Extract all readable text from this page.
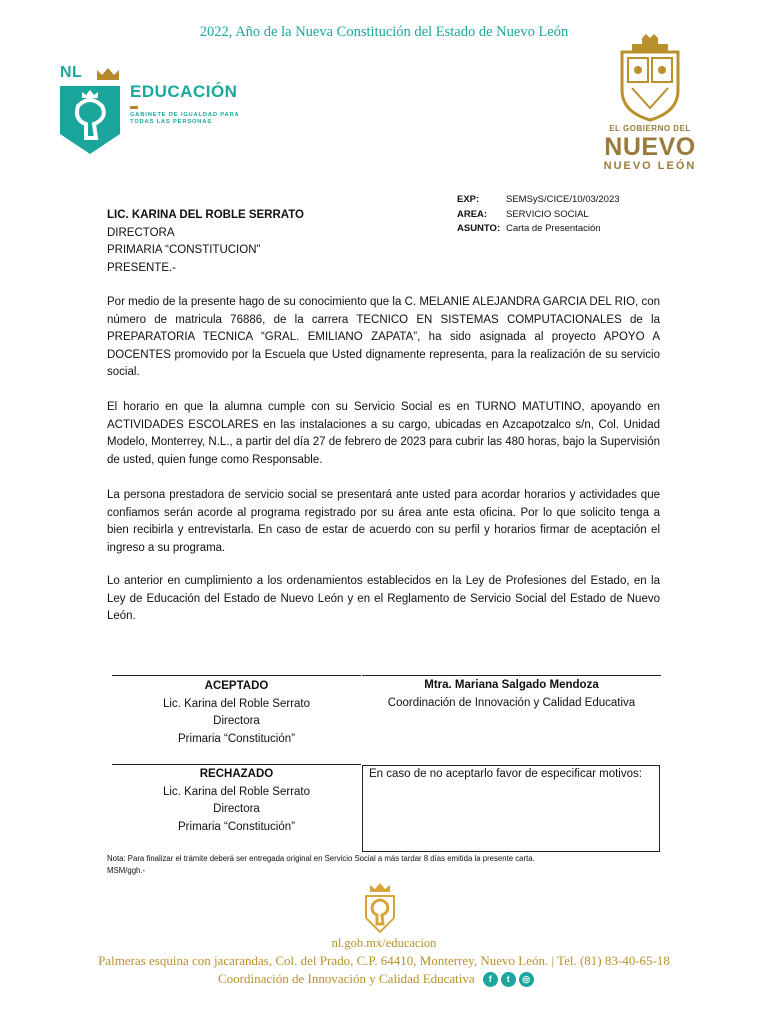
2022, Año de la Nueva Constitución del Estado de Nuevo León
NL
EDUCACIÓN
GABINETE DE IGUALDAD PARA TODAS LAS PERSONAS
EL GOBIERNO DEL
NUEVO
NUEVO LEÓN
EXP:	SEMSyS/CICE/10/03/2023
AREA:	SERVICIO SOCIAL
ASUNTO: Carta de Presentación
LIC. KARINA DEL ROBLE SERRATO
DIRECTORA
PRIMARIA “CONSTITUCION”
PRESENTE.-

Por medio de la presente hago de su conocimiento que la C. MELANIE ALEJANDRA GARCIA DEL RIO, con número de matricula 76886, de la carrera TECNICO EN SISTEMAS COMPUTACIONALES de la PREPARATORIA TECNICA “GRAL. EMILIANO ZAPATA”, ha sido asignada al proyecto APOYO A DOCENTES promovido por la Escuela que Usted dignamente representa, para la realización de su servicio social.

El horario en que la alumna cumple con su Servicio Social es en TURNO MATUTINO, apoyando en ACTIVIDADES ESCOLARES en las instalaciones a su cargo, ubicadas en Azcapotzalco s/n, Col. Unidad Modelo, Monterrey, N.L., a partir del día 27 de febrero de 2023 para cubrir las 480 horas, bajo la Supervisión de usted, quien funge como Responsable.

La persona prestadora de servicio social se presentará ante usted para acordar horarios y actividades que confiamos serán acorde al programa registrado por su área ante esta oficina. Por lo que solicito tenga a bien recibirla y entrevistarla. En caso de estar de acuerdo con su perfil y horarios firmar de aceptación el ingreso a su programa.

Lo anterior en cumplimiento a los ordenamientos establecidos en la Ley de Profesiones del Estado, en la Ley de Educación del Estado de Nuevo León y en el Reglamento de Servicio Social del Estado de Nuevo León.

ACEPTADO
Lic. Karina del Roble Serrato
Directora
Primaria “Constitución”
Mtra. Mariana Salgado Mendoza
Coordinación de Innovación y Calidad Educativa
RECHAZADO
Lic. Karina del Roble Serrato
Directora
Primaria “Constitución”
En caso de no aceptarlo favor de especificar motivos:
Nota: Para finalizar el trámite deberá ser entregada original en Servicio Social a más tardar 8 días emitida la presente carta.
MSM/ggh.-
nl.gob.mx/educacion
Palmeras esquina con jacarandas, Col. del Prado, C.P. 64410, Monterrey, Nuevo León. | Tel. (81) 83-40-65-18
Coordinación de Innovación y Calidad Educativa	f	t	◎
